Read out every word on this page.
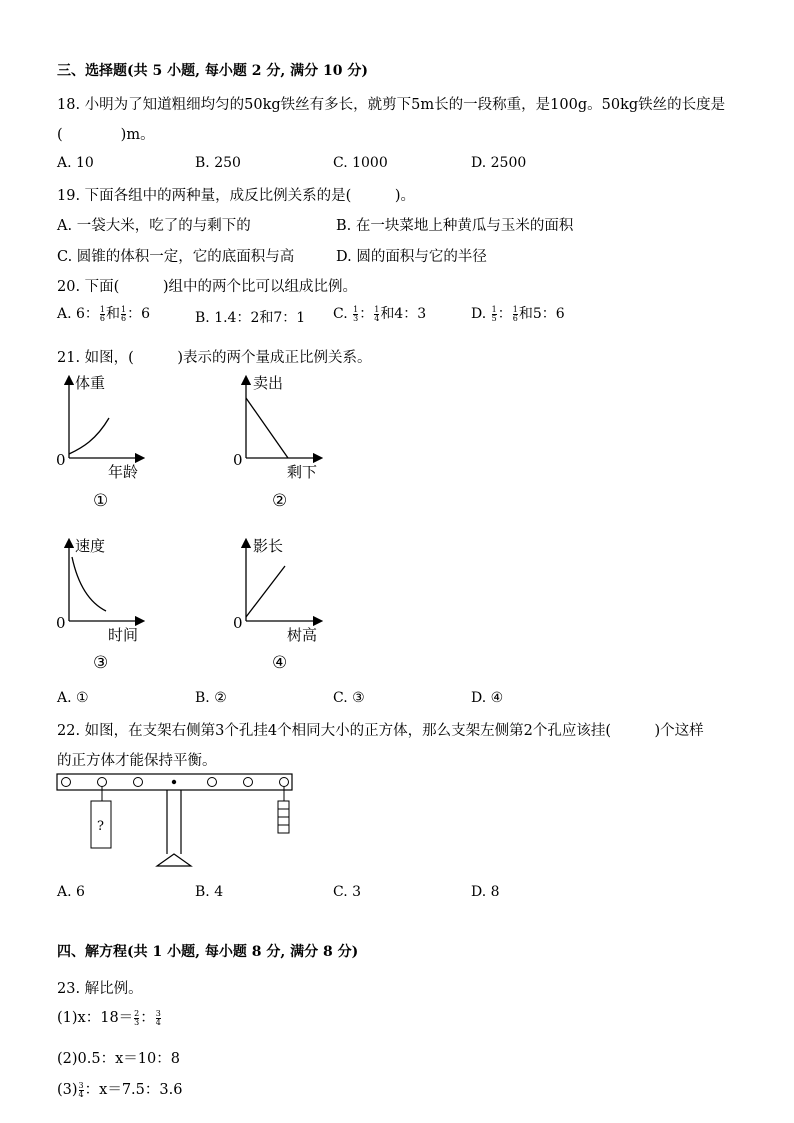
三、选择题(共 5 小题, 每小题 2 分, 满分 10 分)
18. 小明为了知道粗细均匀的50kg铁丝有多长，就剪下5m长的一段称重，是100g。50kg铁丝的长度是
(　　　　)m。
A. 10	B. 250	C. 1000	D. 2500
19. 下面各组中的两种量，成反比例关系的是(　　　)。
A. 一袋大米，吃了的与剩下的	B. 在一块菜地上种黄瓜与玉米的面积
C. 圆锥的体积一定，它的底面积与高	D. 圆的面积与它的半径
20. 下面(　　　)组中的两个比可以组成比例。
A. 6： $\frac{1}{6}$ 和 $\frac{1}{6}$ ：6	B. 1.4：2和7：1 C. $\frac{1}{3}$ ： $\frac{1}{4}$ 和4：3	D. $\frac{1}{5}$ ： $\frac{1}{6}$ 和5：6
21. 如图，(　　　)表示的两个量成正比例关系。
体重
0
年龄
①
卖出
0
剩下
②
速度
0
时间
③
影长
0
树高
④
?
A. ①	B. ②	C. ③	D. ④
22. 如图，在支架右侧第3个孔挂4个相同大小的正方体，那么支架左侧第2个孔应该挂(　　　)个这样
的正方体才能保持平衡。
A. 6	B. 4	C. 3	D. 8
四、解方程(共 1 小题, 每小题 8 分, 满分 8 分)
23. 解比例。
(1)x：$18= \frac{2}{3}$ ： $\frac{3}{4}$
(2)0.5：x＝10：8
$(3) \frac{3}{4}$ ：x＝7.5：3.6
